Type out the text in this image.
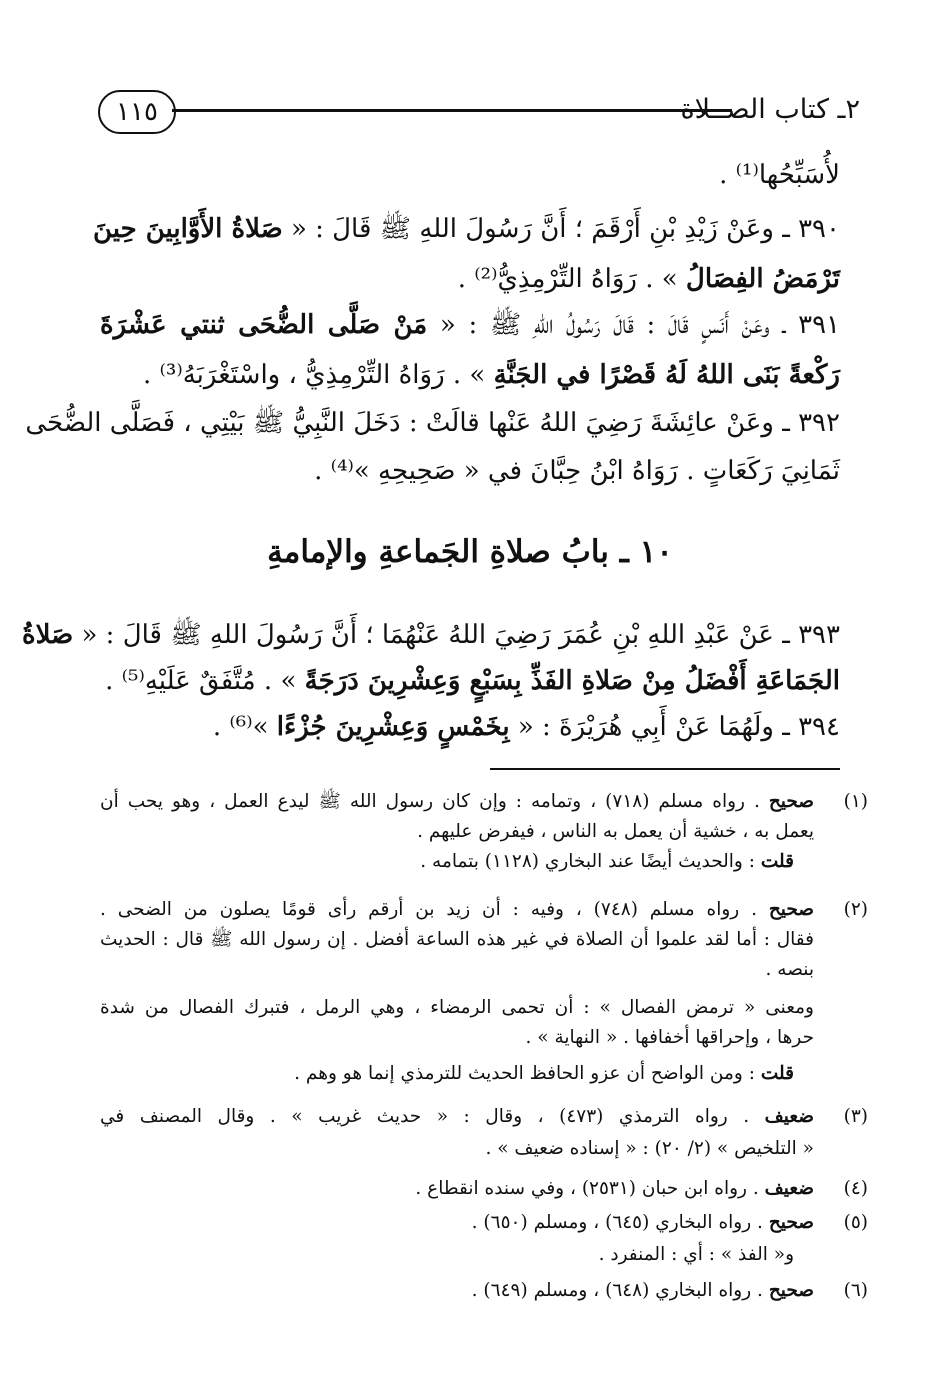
١١٥	٢ـ كتاب الصــلاة
لأُسَبِّحُها⁽¹⁾ .
٣٩٠ ـ وعَنْ زَيْدِ بْنِ أَرْقَمَ ؛ أَنَّ رَسُولَ اللهِ ﷺ قَالَ : « صَلاةُ الأَوَّابِينَ حِينَ
تَرْمَضُ الفِصَالُ » . رَوَاهُ التِّرْمِذِيُّ⁽²⁾ .
٣٩١ ـ وعَنْ أَنَسٍ قَالَ : قَالَ رَسُولُ اللهِ ﷺ : « مَنْ صَلَّى الضُّحَى ثنتي عَشْرَةَ
رَكْعةً بَنَى اللهُ لَهُ قَصْرًا في الجَنَّةِ » . رَوَاهُ التِّرْمِذِيُّ ، واسْتَغْرَبَهُ⁽³⁾ .
٣٩٢ ـ وعَنْ عائِشَةَ رَضِيَ اللهُ عَنْها قالَتْ : دَخَلَ النَّبِيُّ ﷺ بَيْتِي ، فَصَلَّى الضُّحَى
ثَمَانِيَ رَكَعَاتٍ . رَوَاهُ ابْنُ حِبَّانَ في « صَحِيحِهِ »⁽⁴⁾ .
١٠ ـ بابُ صلاةِ الجَماعةِ والإمامةِ
٣٩٣ ـ عَنْ عَبْدِ اللهِ بْنِ عُمَرَ رَضِيَ اللهُ عَنْهُمَا ؛ أَنَّ رَسُولَ اللهِ ﷺ قَالَ : « صَلاةُ
الجَمَاعَةِ أَفْضَلُ مِنْ صَلاةِ الفَذِّ بِسَبْعٍ وَعِشْرِينَ دَرَجَةً » . مُتَّفَقٌ عَلَيْهِ⁽⁵⁾ .
٣٩٤ ـ ولَهُمَا عَنْ أَبِي هُرَيْرَةَ : « بِخَمْسٍ وَعِشْرِينَ جُزْءًا »⁽⁶⁾ .
(١)
صحيح . رواه مسلم (٧١٨) ، وتمامه : وإن كان رسول الله ﷺ ليدع العمل ، وهو يحب أن
يعمل به ، خشية أن يعمل به الناس ، فيفرض عليهم .
قلت : والحديث أيضًا عند البخاري (١١٢٨) بتمامه .
(٢)
صحيح . رواه مسلم (٧٤٨) ، وفيه : أن زيد بن أرقم رأى قومًا يصلون من الضحى .
فقال : أما لقد علموا أن الصلاة في غير هذه الساعة أفضل . إن رسول الله ﷺ قال : الحديث
بنصه .
ومعنى « ترمض الفصال » : أن تحمى الرمضاء ، وهي الرمل ، فتبرك الفصال من شدة
حرها ، وإحراقها أخفافها . « النهاية » .
قلت : ومن الواضح أن عزو الحافظ الحديث للترمذي إنما هو وهم .
(٣)
ضعيف . رواه الترمذي (٤٧٣) ، وقال : « حديث غريب » . وقال المصنف في
« التلخيص » (٢/ ٢٠) : « إسناده ضعيف » .
(٤)
ضعيف . رواه ابن حبان (٢٥٣١) ، وفي سنده انقطاع .
(٥)
صحيح . رواه البخاري (٦٤٥) ، ومسلم (٦٥٠) .
و« الفذ » : أي : المنفرد .
(٦)
صحيح . رواه البخاري (٦٤٨) ، ومسلم (٦٤٩) .
